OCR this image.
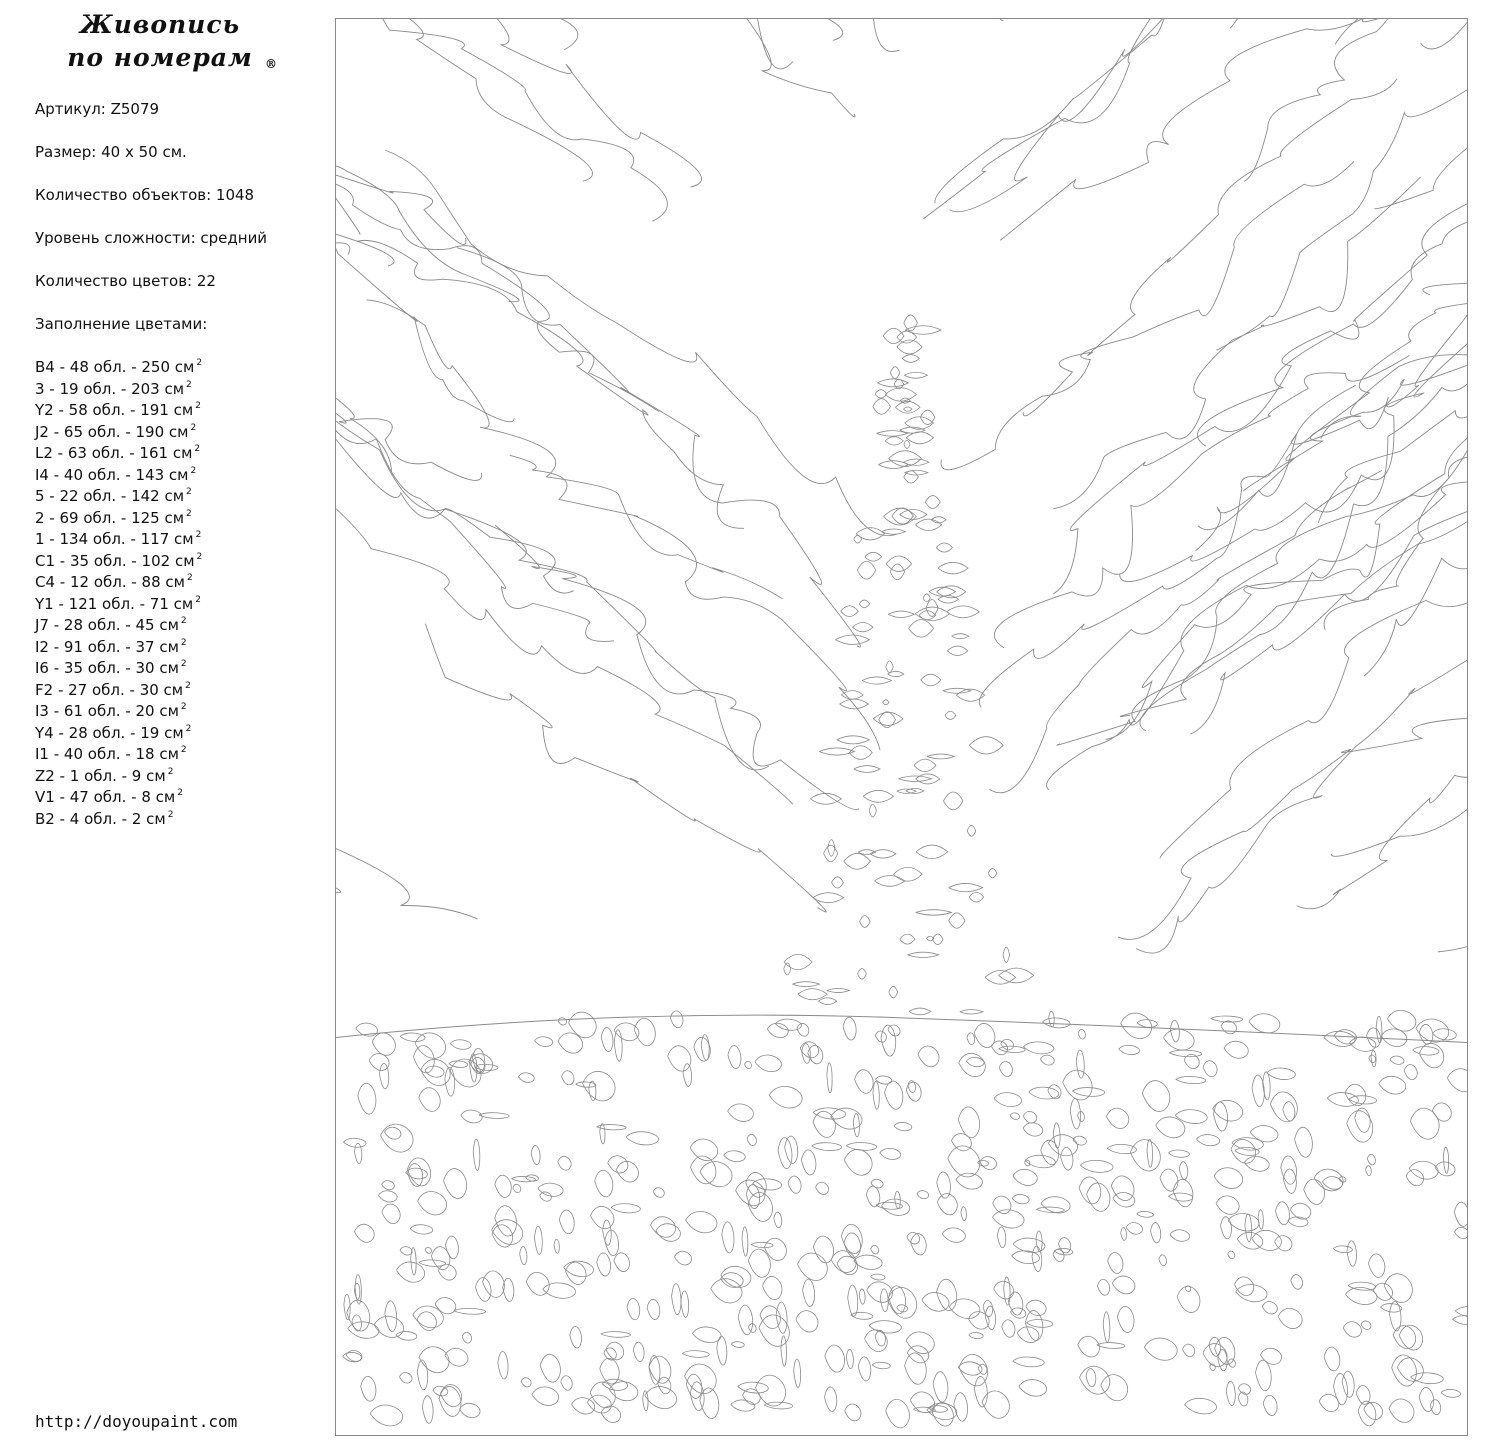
Живопись
по номерам	®
Артикул: Z5079
Размер: 40 х 50 см.
Количество объектов: 1048
Уровень сложности: средний
Количество цветов: 22
Заполнение цветами:
B4 - 48 обл. - 250 см $^2$
3 - 19 обл. - 203 см $^2$
Y2 - 58 обл. - 191 см $^2$
J2 - 65 обл. - 190 см $^2$
L2 - 63 обл. - 161 см $^2$
I4 - 40 обл. - 143 см $^2$
5 - 22 обл. - 142 см $^2$
2 - 69 обл. - 125 см $^2$
1 - 134 обл. - 117 см $^2$
C1 - 35 обл. - 102 см $^2$
C4 - 12 обл. - 88 см $^2$
Y1 - 121 обл. - 71 см $^2$
J7 - 28 обл. - 45 см $^2$
I2 - 91 обл. - 37 см $^2$
I6 - 35 обл. - 30 см $^2$
F2 - 27 обл. - 30 см $^2$
I3 - 61 обл. - 20 см $^2$
Y4 - 28 обл. - 19 см $^2$
I1 - 40 обл. - 18 см $^2$
Z2 - 1 обл. - 9 см $^2$
V1 - 47 обл. - 8 см $^2$
B2 - 4 обл. - 2 см $^2$
http://doyoupaint.com
